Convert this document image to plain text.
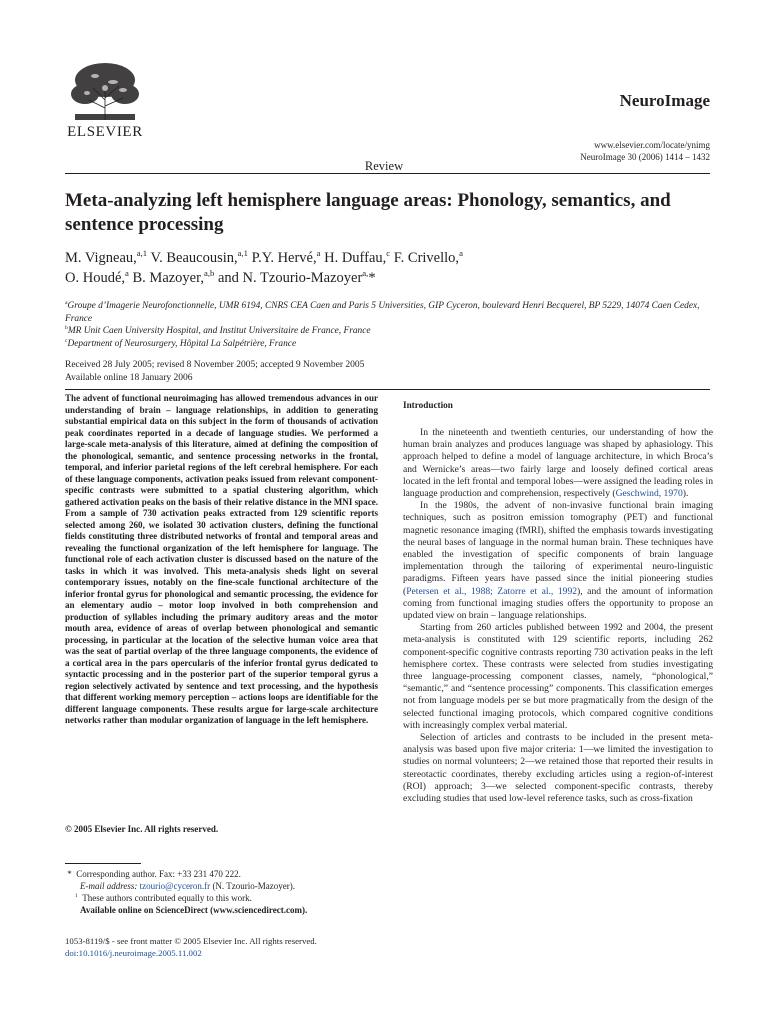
ELSEVIER
NeuroImage
www.elsevier.com/locate/ynimg
NeuroImage 30 (2006) 1414 – 1432
Review
Meta-analyzing left hemisphere language areas: Phonology, semantics, and sentence processing
M. Vigneau,$^{a,1}$ V. Beaucousin,$^{a,1}$ P.Y. Hervé,$^a$ H. Duffau,$^c$ F. Crivello,$^a$
O. Houdé,$^a$ B. Mazoyer,$^{a,b}$ and N. Tzourio-Mazoyer$^{a,}$*
$^a$Groupe d’Imagerie Neurofonctionnelle, UMR 6194, CNRS CEA Caen and Paris 5 Universities, GIP Cyceron, boulevard Henri Becquerel, BP 5229, 14074 Caen Cedex, France
$^b$MR Unit Caen University Hospital, and Institut Universitaire de France, France
$^c$Department of Neurosurgery, Hôpital La Salpétrière, France
Received 28 July 2005; revised 8 November 2005; accepted 9 November 2005
Available online 18 January 2006
The advent of functional neuroimaging has allowed tremendous advances in our understanding of brain – language relationships, in addition to generating substantial empirical data on this subject in the form of thousands of activation peak coordinates reported in a decade of language studies. We performed a large-scale meta-analysis of this literature, aimed at defining the composition of the phonological, semantic, and sentence processing networks in the frontal, temporal, and inferior parietal regions of the left cerebral hemisphere. For each of these language components, activation peaks issued from relevant component-specific contrasts were submitted to a spatial clustering algorithm, which gathered activation peaks on the basis of their relative distance in the MNI space. From a sample of 730 activation peaks extracted from 129 scientific reports selected among 260, we isolated 30 activation clusters, defining the functional fields constituting three distributed networks of frontal and temporal areas and revealing the functional organization of the left hemisphere for language. The functional role of each activation cluster is discussed based on the nature of the tasks in which it was involved. This meta-analysis sheds light on several contemporary issues, notably on the fine-scale functional architecture of the inferior frontal gyrus for phonological and semantic processing, the evidence for an elementary audio – motor loop involved in both comprehension and production of syllables including the primary auditory areas and the motor mouth area, evidence of areas of overlap between phonological and semantic processing, in particular at the location of the selective human voice area that was the seat of partial overlap of the three language components, the evidence of a cortical area in the pars opercularis of the inferior frontal gyrus dedicated to syntactic processing and in the posterior part of the superior temporal gyrus a region selectively activated by sentence and text processing, and the hypothesis that different working memory perception – actions loops are identifiable for the different language components. These results argue for large-scale architecture networks rather than modular organization of language in the left hemisphere.
© 2005 Elsevier Inc. All rights reserved.
*  Corresponding author. Fax: +33 231 470 222.
E-mail address: tzourio@cyceron.fr (N. Tzourio-Mazoyer).
$^1$ These authors contributed equally to this work.
Available online on ScienceDirect (www.sciencedirect.com).
1053-8119/$ - see front matter © 2005 Elsevier Inc. All rights reserved.
doi:10.1016/j.neuroimage.2005.11.002
Introduction

In the nineteenth and twentieth centuries, our understanding of how the human brain analyzes and produces language was shaped by aphasiology. This approach helped to define a model of language architecture, in which Broca’s and Wernicke’s areas—two fairly large and loosely defined cortical areas located in the left frontal and temporal lobes—were assigned the leading roles in language production and comprehension, respectively (Geschwind, 1970).

In the 1980s, the advent of non-invasive functional brain imaging techniques, such as positron emission tomography (PET) and functional magnetic resonance imaging (fMRI), shifted the emphasis towards investigating the neural bases of language in the normal human brain. These techniques have enabled the investigation of specific components of brain language implementation through the tailoring of experimental neuro-linguistic paradigms. Fifteen years have passed since the initial pioneering studies (Petersen et al., 1988; Zatorre et al., 1992), and the amount of information coming from functional imaging studies offers the opportunity to propose an updated view on brain – language relationships.

Starting from 260 articles published between 1992 and 2004, the present meta-analysis is constituted with 129 scientific reports, including 262 component-specific cognitive contrasts reporting 730 activation peaks in the left hemisphere cortex. These contrasts were selected from studies investigating three language-processing component classes, namely, “phonological,” “semantic,” and “sentence processing” components. This classification emerges not from language models per se but more pragmatically from the design of the selected functional imaging protocols, which compared cognitive conditions with increasingly complex verbal material.

Selection of articles and contrasts to be included in the present meta-analysis was based upon five major criteria: 1—we limited the investigation to studies on normal volunteers; 2—we retained those that reported their results in stereotactic coordinates, thereby excluding articles using a region-of-interest (ROI) approach; 3—we selected component-specific contrasts, thereby excluding studies that used low-level reference tasks, such as cross-fixation
